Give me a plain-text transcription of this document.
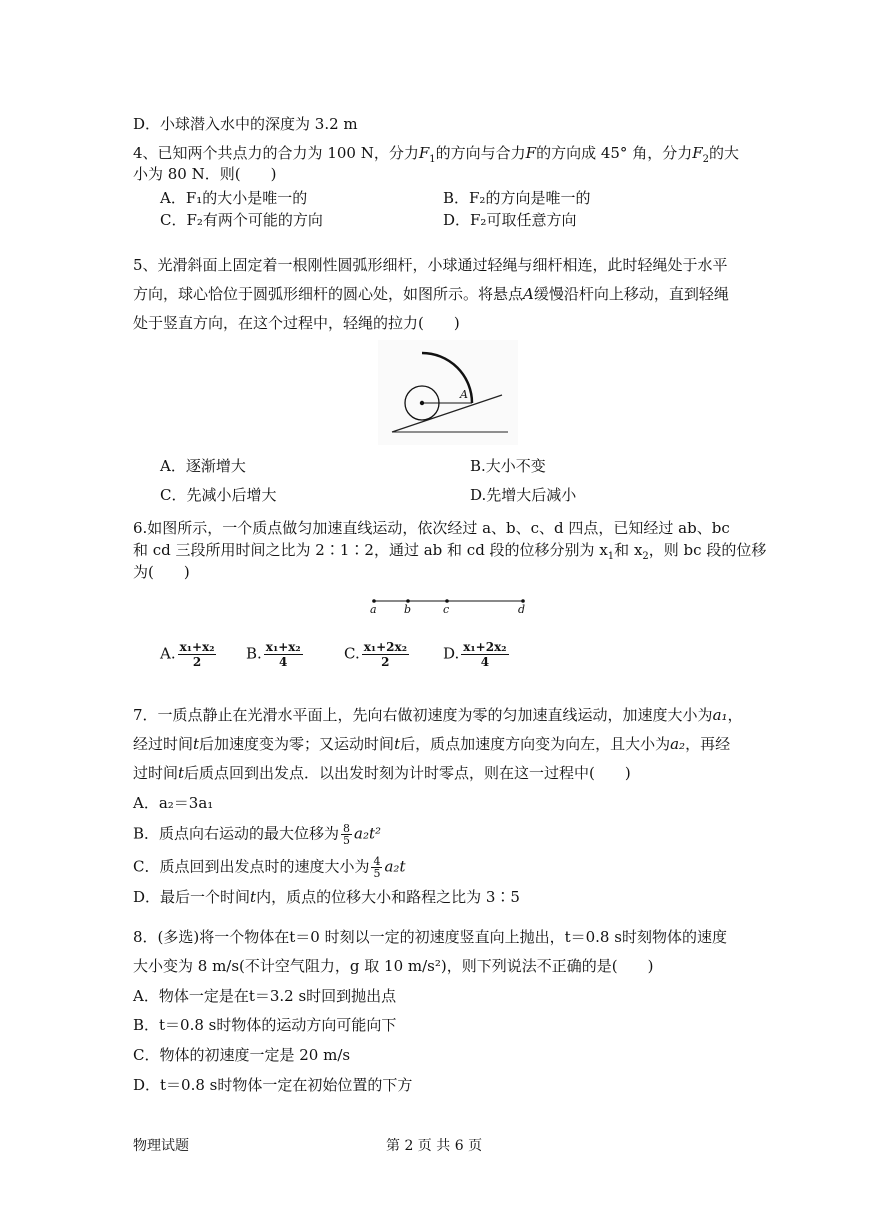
D．小球潜入水中的深度为 3.2 m
4、已知两个共点力的合力为 100 N，分力$F_1$的方向与合力F的方向成 45° 角，分力$F_2$的大
小为 80 N．则(　　)
A．F₁的大小是唯一的	B．F₂的方向是唯一的
C．F₂有两个可能的方向	D．F₂可取任意方向
5、光滑斜面上固定着一根刚性圆弧形细杆，小球通过轻绳与细杆相连，此时轻绳处于水平
方向，球心恰位于圆弧形细杆的圆心处，如图所示。将悬点A缓慢沿杆向上移动，直到轻绳
处于竖直方向，在这个过程中，轻绳的拉力(　　)
A
A．逐渐增大	B.大小不变
C．先减小后增大	D.先增大后减小
6.如图所示，一个质点做匀加速直线运动，依次经过 a、b、c、d 四点，已知经过 ab、bc
和 cd 三段所用时间之比为 2∶1∶2，通过 ab 和 cd 段的位移分别为 $x_1$和 $x_2$，则 bc 段的位移
为(　　)
a b	c	d
A. $\frac{\text{x₁+x₂}}{2} B$. $\frac{\text{x₁+x₂}}{4}$	C. $\frac{\text{x₁+2x₂}}{2} D$. $\frac{\text{x₁+2x₂}}{4}$
7．一质点静止在光滑水平面上，先向右做初速度为零的匀加速直线运动，加速度大小为a₁，
经过时间t后加速度变为零；又运动时间t后，质点加速度方向变为向左，且大小为a₂，再经
过时间t后质点回到出发点．以出发时刻为计时零点，则在这一过程中(　　)
A．a₂＝3a₁
B．质点向右运动的最大位移为 $\frac{8}{5} a_2t^2$
C．质点回到出发点时的速度大小为 $\frac{4}{5} a_2t$
D．最后一个时间t内，质点的位移大小和路程之比为 3∶5
8．(多选)将一个物体在t＝0 时刻以一定的初速度竖直向上抛出，t＝0.8 s时刻物体的速度
大小变为 8 m/s(不计空气阻力，g 取 10 m/s²)，则下列说法不正确的是(　　)
A．物体一定是在t＝3.2 s时回到抛出点
B．t＝0.8 s时物体的运动方向可能向下
C．物体的初速度一定是 20 m/s
D．t＝0.8 s时物体一定在初始位置的下方
物理试题	第 2 页 共 6 页
